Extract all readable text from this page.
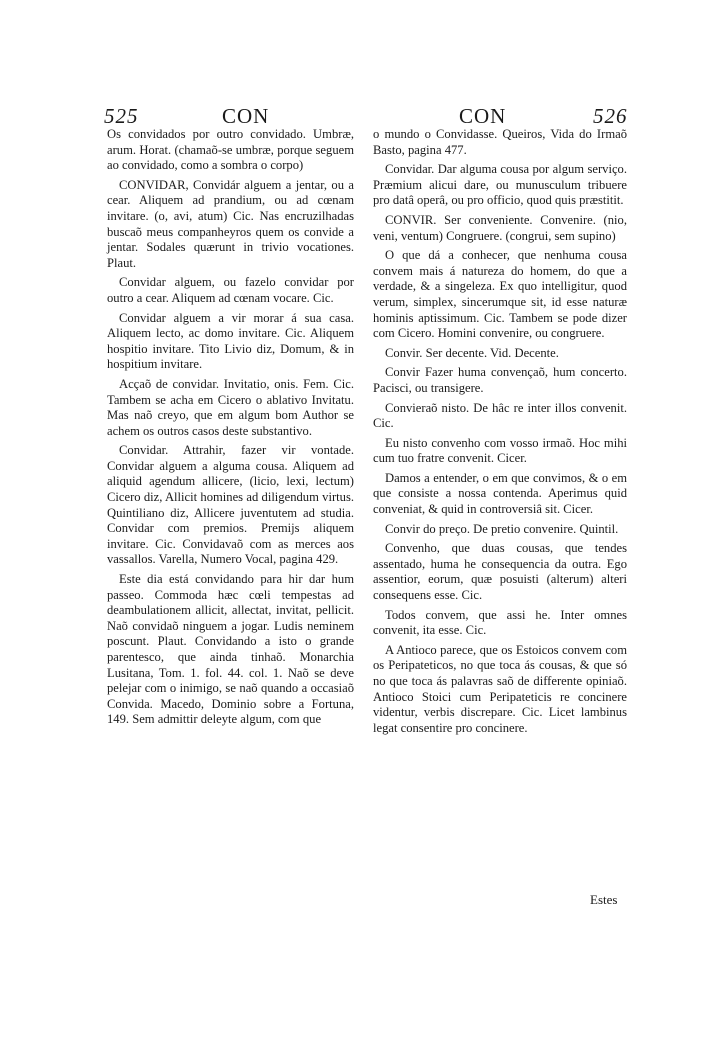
525	CON	CON	526

Os convidados por outro convidado. Umbræ, arum. Horat. (chamaõ-se umbræ, porque seguem ao convidado, como a sombra o corpo)

CONVIDAR, Convidár alguem a jentar, ou a cear. Aliquem ad prandium, ou ad cœnam invitare. (o, avi, atum) Cic. Nas encruzilhadas buscaõ meus companheyros quem os convide a jentar. Sodales quærunt in trivio vocationes. Plaut.

Convidar alguem, ou fazelo convidar por outro a cear. Aliquem ad cœnam vocare. Cic.

Convidar alguem a vir morar á sua casa. Aliquem lecto, ac domo invitare. Cic. Aliquem hospitio invitare. Tito Livio diz, Domum, & in hospitium invitare.

Acçaõ de convidar. Invitatio, onis. Fem. Cic. Tambem se acha em Cicero o ablativo Invitatu. Mas naõ creyo, que em algum bom Author se achem os outros casos deste substantivo.

Convidar. Attrahir, fazer vir vontade. Convidar alguem a alguma cousa. Aliquem ad aliquid agendum allicere, (licio, lexi, lectum) Cicero diz, Allicit homines ad diligendum virtus. Quintiliano diz, Allicere juventutem ad studia. Convidar com premios. Premijs aliquem invitare. Cic. Convidavaõ com as merces aos vassallos. Varella, Numero Vocal, pagina 429.

Este dia está convidando para hir dar hum passeo. Commoda hæc cœli tempestas ad deambulationem allicit, allectat, invitat, pellicit. Naõ convidaõ ninguem a jogar. Ludis neminem poscunt. Plaut. Convidando a isto o grande parentesco, que ainda tinhaõ. Monarchia Lusitana, Tom. 1. fol. 44. col. 1. Naõ se deve pelejar com o inimigo, se naõ quando a occasiaõ Convida. Macedo, Dominio sobre a Fortuna, 149. Sem admittir deleyte algum, com que

o mundo o Convidasse. Queiros, Vida do Irmaõ Basto, pagina 477.

Convidar. Dar alguma cousa por algum serviço. Præmium alicui dare, ou munusculum tribuere pro datâ operâ, ou pro officio, quod quis præstitit.

CONVIR. Ser conveniente. Convenire. (nio, veni, ventum) Congruere. (congrui, sem supino)

O que dá a conhecer, que nenhuma cousa convem mais á natureza do homem, do que a verdade, & a singeleza. Ex quo intelligitur, quod verum, simplex, sincerumque sit, id esse naturæ hominis aptissimum. Cic. Tambem se pode dizer com Cicero. Homini convenire, ou congruere.

Convir. Ser decente. Vid. Decente.

Convir Fazer huma convençaõ, hum concerto. Pacisci, ou transigere.

Convieraõ nisto. De hâc re inter illos convenit. Cic.

Eu nisto convenho com vosso irmaõ. Hoc mihi cum tuo fratre convenit. Cicer.

Damos a entender, o em que convimos, & o em que consiste a nossa contenda. Aperimus quid conveniat, & quid in controversiâ sit. Cicer.

Convir do preço. De pretio convenire. Quintil.

Convenho, que duas cousas, que tendes assentado, huma he consequencia da outra. Ego assentior, eorum, quæ posuisti (alterum) alteri consequens esse. Cic.

Todos convem, que assi he. Inter omnes convenit, ita esse. Cic.

A Antioco parece, que os Estoicos convem com os Peripateticos, no que toca ás cousas, & que só no que toca ás palavras saõ de differente opiniaõ. Antioco Stoici cum Peripateticis re concinere videntur, verbis discrepare. Cic. Licet lambinus legat consentire pro concinere.

Estes
